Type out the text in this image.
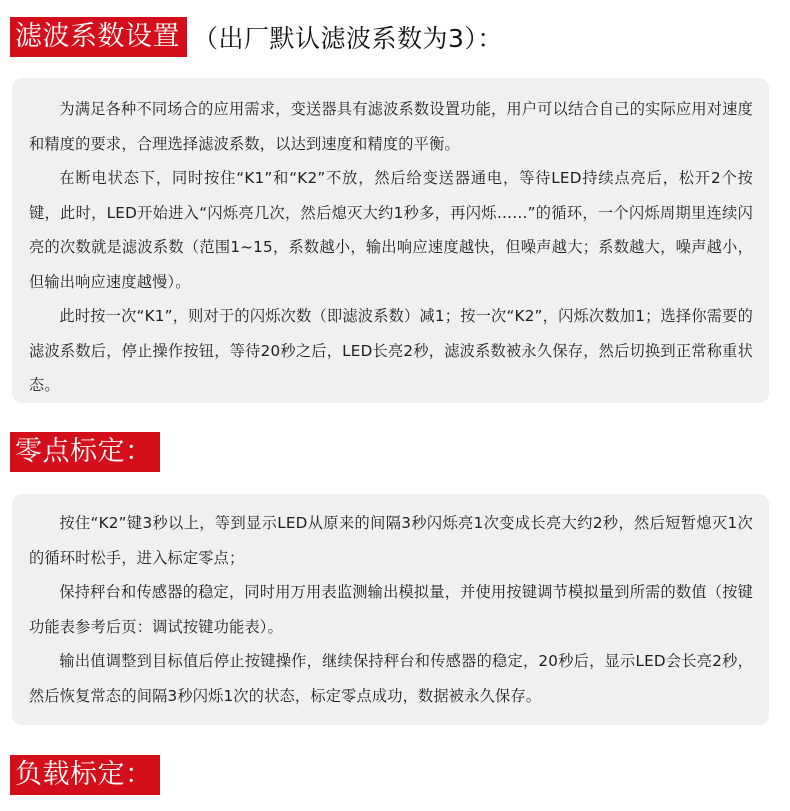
滤波系数设置 （出厂默认滤波系数为3）：

为满足各种不同场合的应用需求，变送器具有滤波系数设置功能，用户可以结合自己的实际应用对速度和精度的要求，合理选择滤波系数，以达到速度和精度的平衡。

在断电状态下，同时按住“K1”和“K2”不放，然后给变送器通电，等待LED持续点亮后，松开2个按键，此时，LED开始进入“闪烁亮几次，然后熄灭大约1秒多，再闪烁……”的循环，一个闪烁周期里连续闪亮的次数就是滤波系数（范围1~15，系数越小，输出响应速度越快，但噪声越大；系数越大，噪声越小，但输出响应速度越慢）。

此时按一次“K1”，则对于的闪烁次数（即滤波系数）减1；按一次“K2”，闪烁次数加1；选择你需要的滤波系数后，停止操作按钮，等待20秒之后，LED长亮2秒，滤波系数被永久保存，然后切换到正常称重状态。

零点标定：

按住“K2”键3秒以上，等到显示LED从原来的间隔3秒闪烁亮1次变成长亮大约2秒，然后短暂熄灭1次的循环时松手，进入标定零点；

保持秤台和传感器的稳定，同时用万用表监测输出模拟量，并使用按键调节模拟量到所需的数值（按键功能表参考后页：调试按键功能表）。

输出值调整到目标值后停止按键操作，继续保持秤台和传感器的稳定，20秒后，显示LED会长亮2秒，然后恢复常态的间隔3秒闪烁1次的状态，标定零点成功，数据被永久保存。

负载标定：
